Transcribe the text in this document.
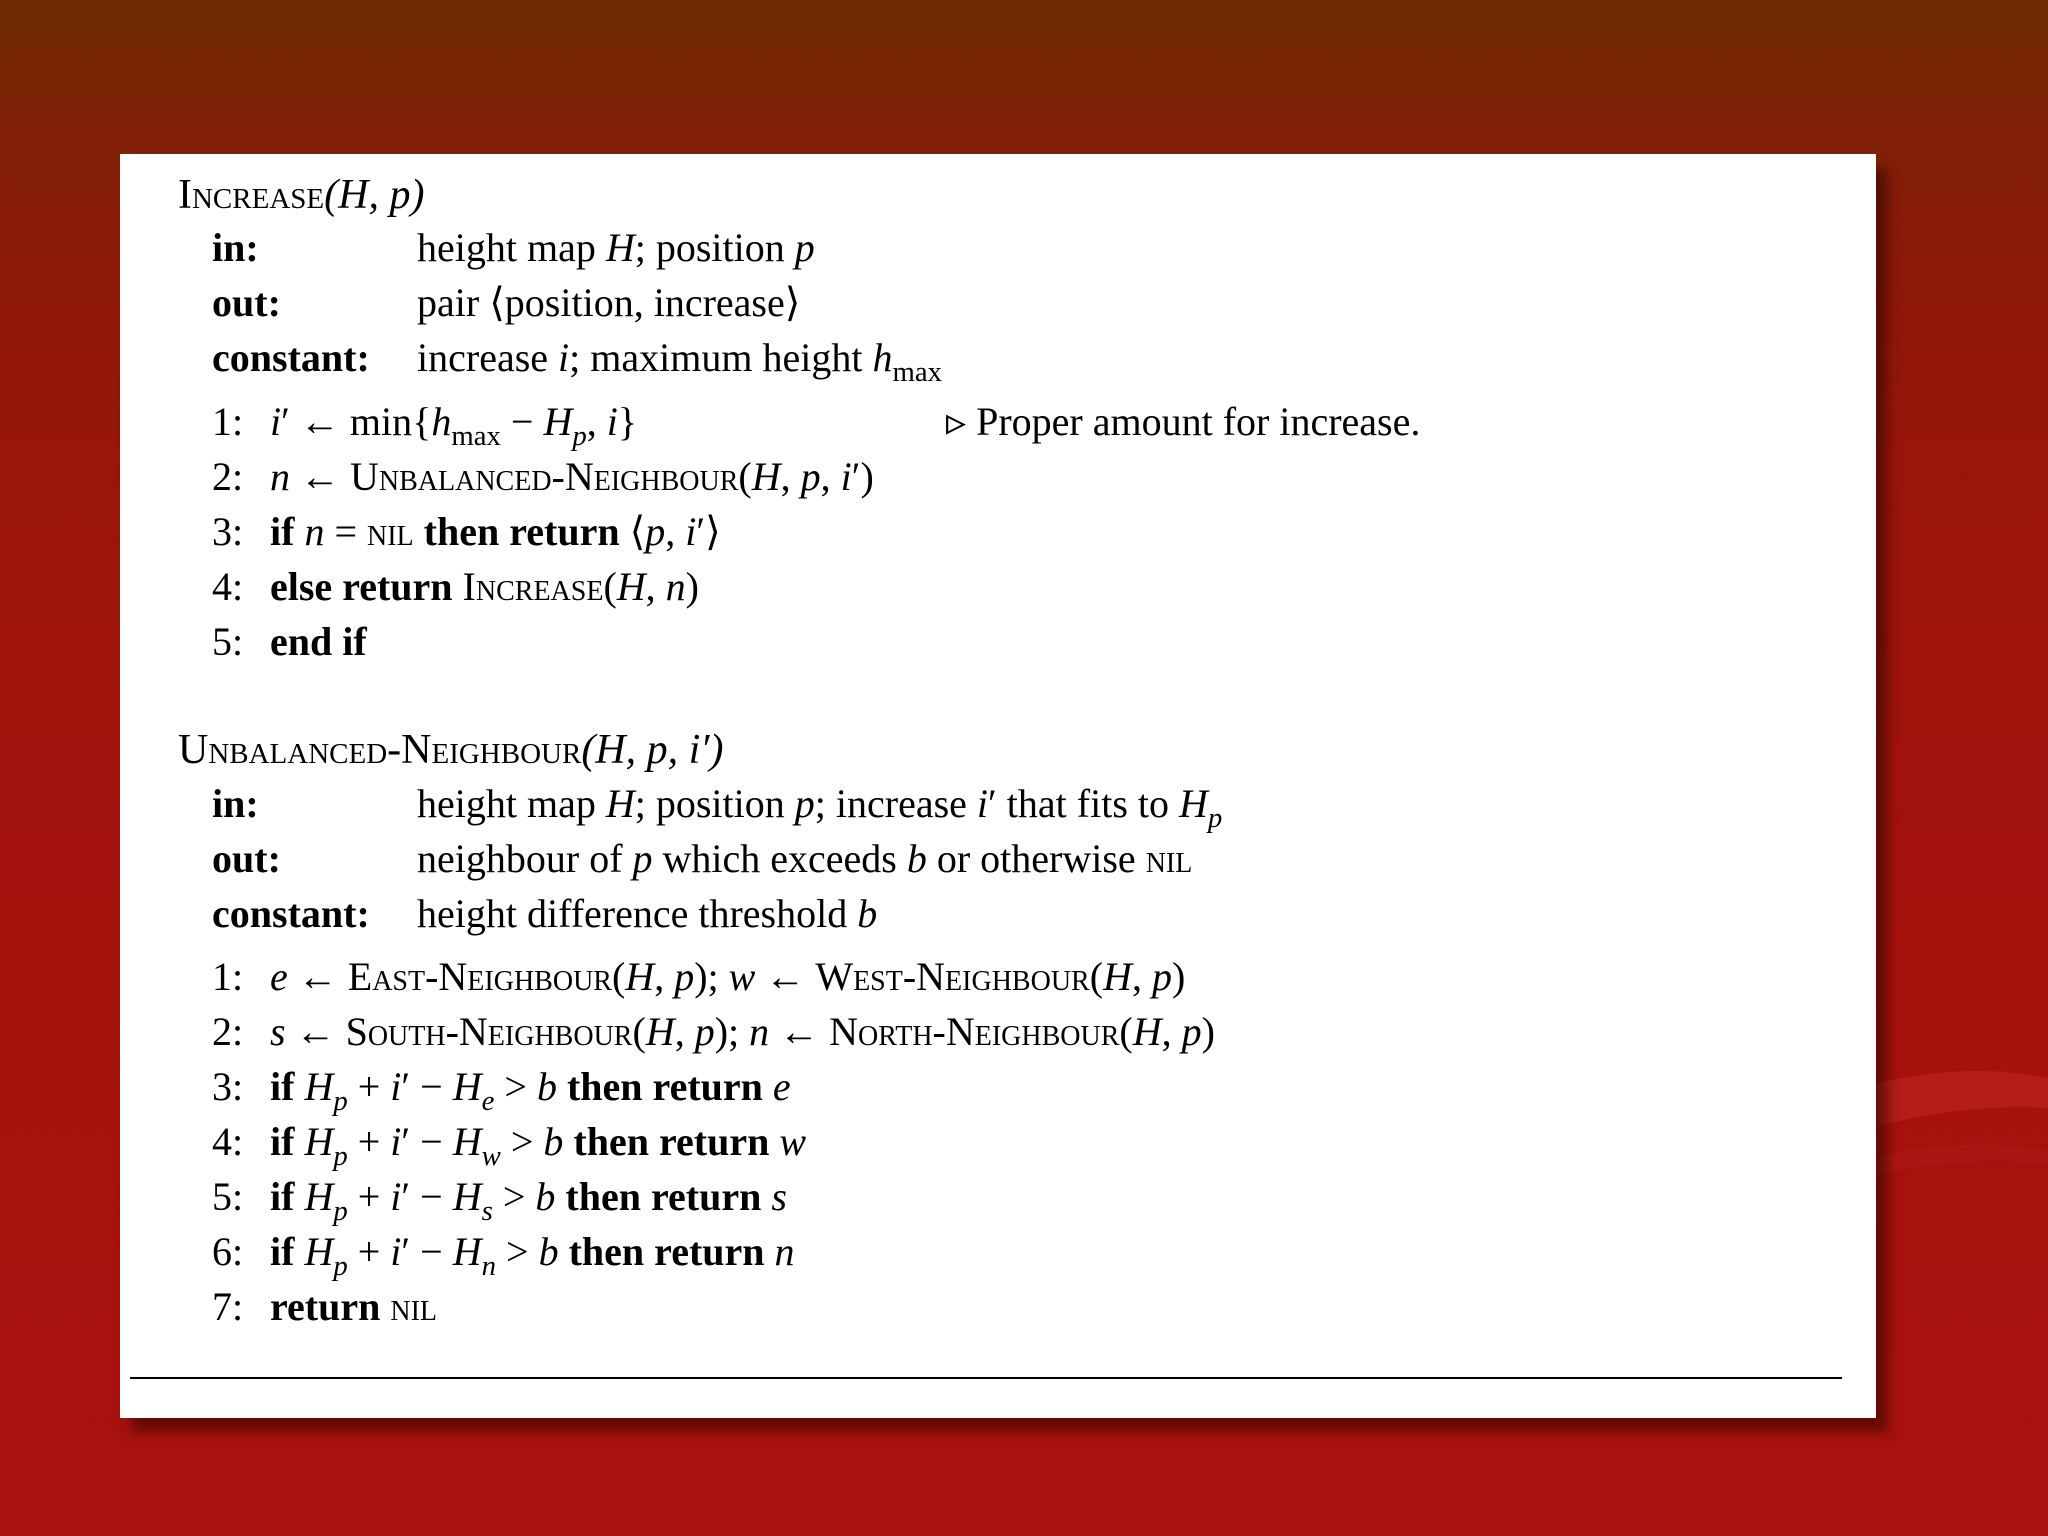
Increase(H, p)
in:	height map H; position p
out:	pair ⟨position, increase⟩
constant: increase i; maximum height $h_{max}$
1: i′ ← $\min\{h_{max} - H_p$, i}	▹ Proper amount for increase.
2: n ← Unbalanced-Neighbour(H, p, i′)
3: if n = nil then return ⟨p, i′⟩
4: else return Increase(H, n)
5: end if
Unbalanced-Neighbour(H, p, i′)
in:	height map H; position p; increase i′ that fits to $H_p$
out:	neighbour of p which exceeds b or otherwise nil
constant: height difference threshold b
1: e ← East-Neighbour(H, p); w ← West-Neighbour(H, p)
2: s ← South-Neighbour(H, p); n ← North-Neighbour(H, p)
3: if $H_p + i' - H_e > b$ then return e
4: if $H_p + i' - H_w > b$ then return w
5: if $H_p + i' - H_s > b$ then return s
6: if $H_p + i' - H_n > b$ then return n
7: return nil
